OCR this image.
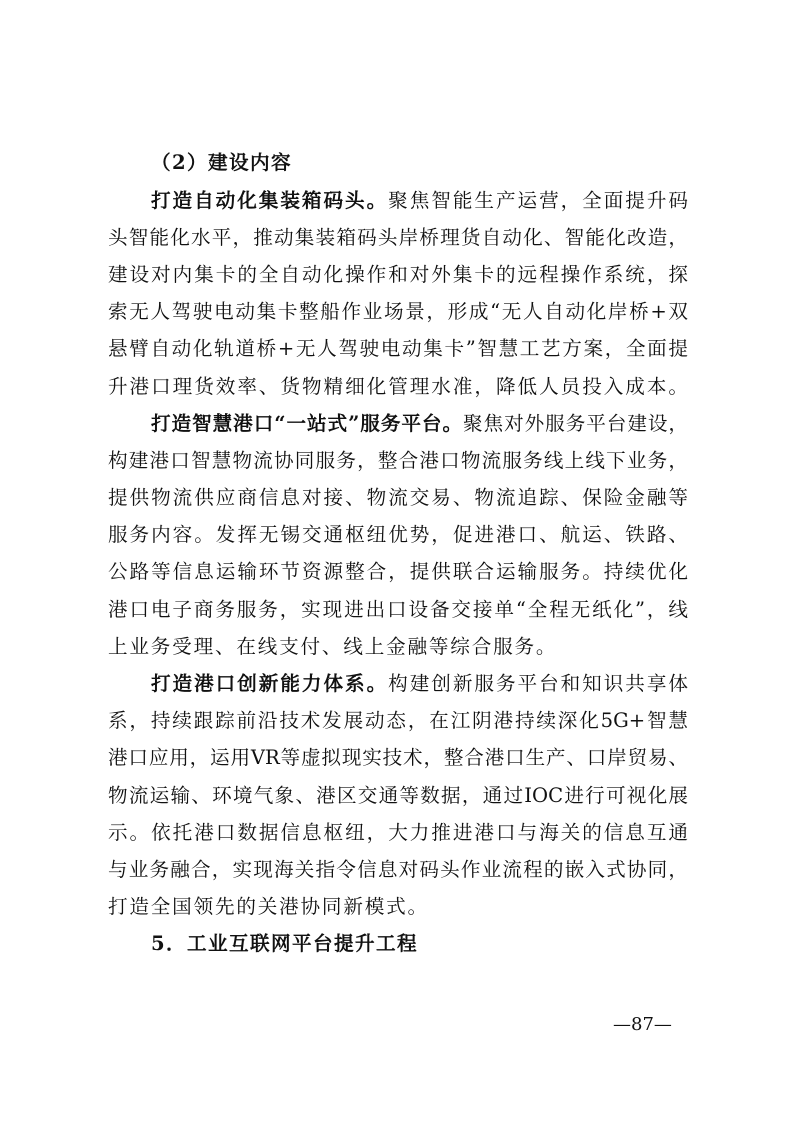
（2）建设内容
打造自动化集装箱码头。聚焦智能生产运营，全面提升码
头智能化水平，推动集装箱码头岸桥理货自动化、智能化改造，
建设对内集卡的全自动化操作和对外集卡的远程操作系统，探
索无人驾驶电动集卡整船作业场景，形成“无人自动化岸桥+双
悬臂自动化轨道桥+无人驾驶电动集卡”智慧工艺方案，全面提
升港口理货效率、货物精细化管理水准，降低人员投入成本。
打造智慧港口“一站式”服务平台。聚焦对外服务平台建设，
构建港口智慧物流协同服务，整合港口物流服务线上线下业务，
提供物流供应商信息对接、物流交易、物流追踪、保险金融等
服务内容。发挥无锡交通枢纽优势，促进港口、航运、铁路、
公路等信息运输环节资源整合，提供联合运输服务。持续优化
港口电子商务服务，实现进出口设备交接单“全程无纸化”，线
上业务受理、在线支付、线上金融等综合服务。
打造港口创新能力体系。构建创新服务平台和知识共享体
系，持续跟踪前沿技术发展动态，在江阴港持续深化5G+智慧
港口应用，运用VR等虚拟现实技术，整合港口生产、口岸贸易、
物流运输、环境气象、港区交通等数据，通过IOC进行可视化展
示。依托港口数据信息枢纽，大力推进港口与海关的信息互通
与业务融合，实现海关指令信息对码头作业流程的嵌入式协同，
打造全国领先的关港协同新模式。
5．工业互联网平台提升工程
—87—
